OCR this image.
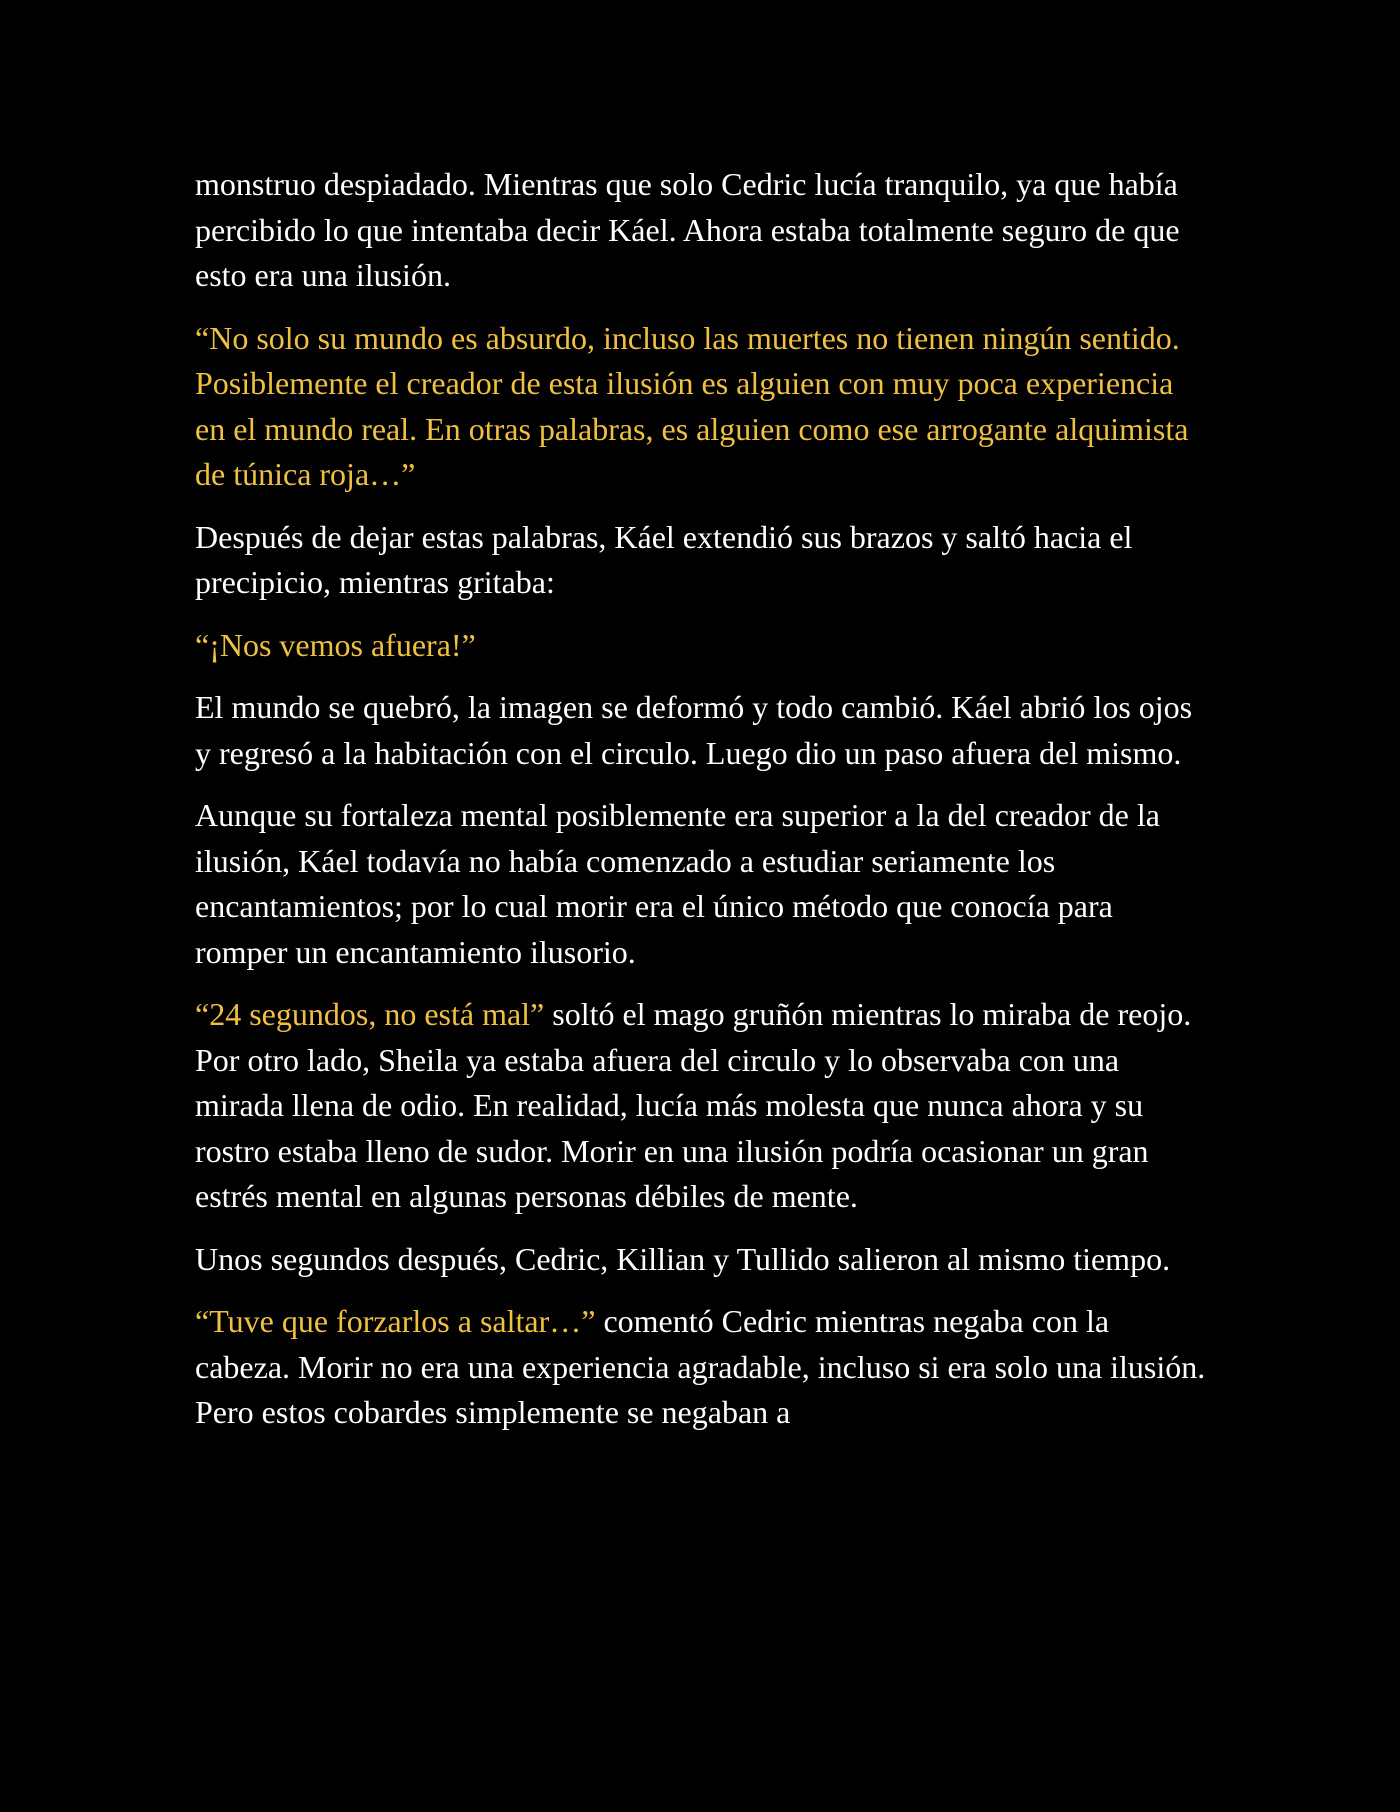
monstruo despiadado. Mientras que solo Cedric lucía tranquilo, ya que había percibido lo que intentaba decir Káel. Ahora estaba totalmente seguro de que esto era una ilusión.

“No solo su mundo es absurdo, incluso las muertes no tienen ningún sentido. Posiblemente el creador de esta ilusión es alguien con muy poca experiencia en el mundo real. En otras palabras, es alguien como ese arrogante alquimista de túnica roja…”

Después de dejar estas palabras, Káel extendió sus brazos y saltó hacia el precipicio, mientras gritaba:

“¡Nos vemos afuera!”

El mundo se quebró, la imagen se deformó y todo cambió. Káel abrió los ojos y regresó a la habitación con el circulo. Luego dio un paso afuera del mismo.

Aunque su fortaleza mental posiblemente era superior a la del creador de la ilusión, Káel todavía no había comenzado a estudiar seriamente los encantamientos; por lo cual morir era el único método que conocía para romper un encantamiento ilusorio.

“24 segundos, no está mal” soltó el mago gruñón mientras lo miraba de reojo. Por otro lado, Sheila ya estaba afuera del circulo y lo observaba con una mirada llena de odio. En realidad, lucía más molesta que nunca ahora y su rostro estaba lleno de sudor. Morir en una ilusión podría ocasionar un gran estrés mental en algunas personas débiles de mente.

Unos segundos después, Cedric, Killian y Tullido salieron al mismo tiempo.

“Tuve que forzarlos a saltar…” comentó Cedric mientras negaba con la cabeza. Morir no era una experiencia agradable, incluso si era solo una ilusión. Pero estos cobardes simplemente se negaban a
